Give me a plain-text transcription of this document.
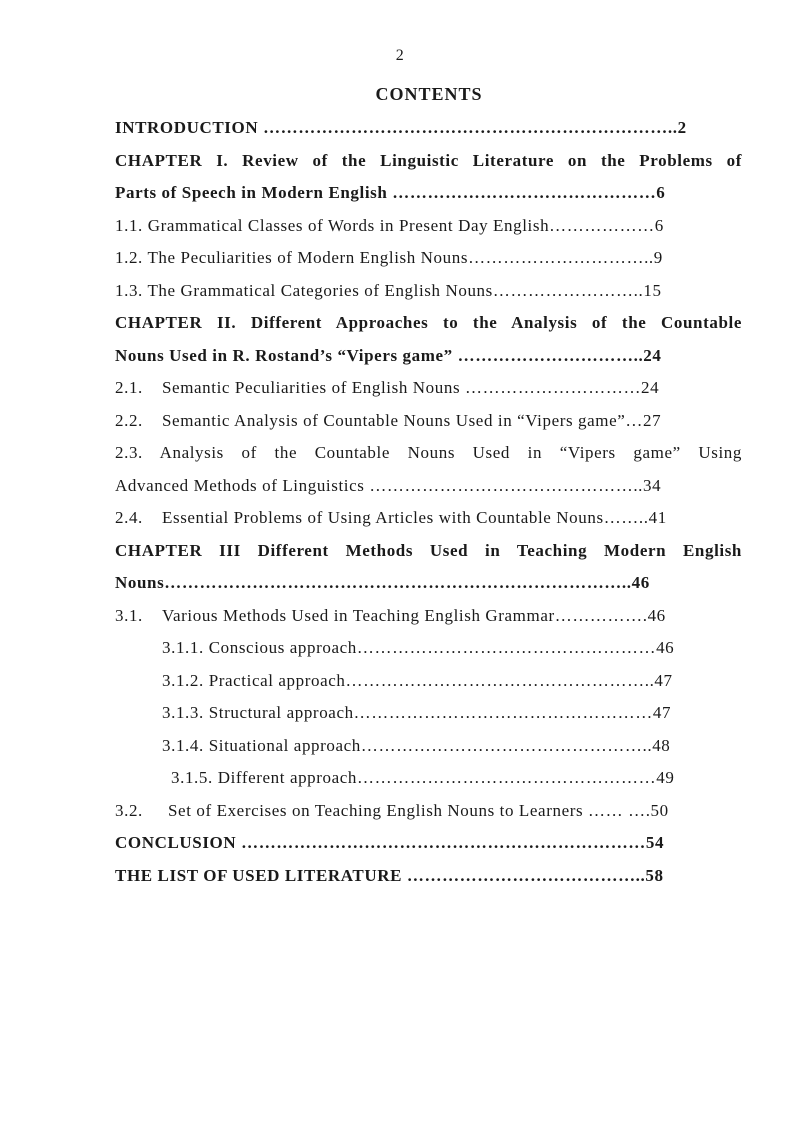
2
CONTENTS
INTRODUCTION ……………………………………………………………..2
CHAPTER I. Review of the Linguistic Literature on the Problems of
Parts of Speech in Modern English ………………………………………6
1.1. Grammatical Classes of Words in Present Day English………………6
1.2. The Peculiarities of Modern English Nouns…………………………..9
1.3. The Grammatical Categories of English Nouns……………………..15
CHAPTER II. Different Approaches to the Analysis of the Countable
Nouns Used in R. Rostand’s “Vipers game” …………………………..24
2.1. Semantic Peculiarities of English Nouns …………………………24
2.2. Semantic Analysis of Countable Nouns Used in “Vipers game”…27
2.3. Analysis of the Countable Nouns Used in “Vipers game” Using
Advanced Methods of Linguistics ………………………………………..34
2.4. Essential Problems of Using Articles with Countable Nouns……..41
CHAPTER III Different Methods Used in Teaching Modern English
Nouns……………………………………………………………………..46
3.1. Various Methods Used in Teaching English Grammar…………….46
3.1.1. Conscious approach……………………………………………46
3.1.2. Practical approach……………………………………………..47
3.1.3. Structural approach……………………………………………47
3.1.4. Situational approach…………………………………………..48
3.1.5. Different approach……………………………………………49
3.2. Set of Exercises on Teaching English Nouns to Learners …… ….50
CONCLUSION ……………………………………………………………54
THE LIST OF USED LITERATURE …………………………………..58
